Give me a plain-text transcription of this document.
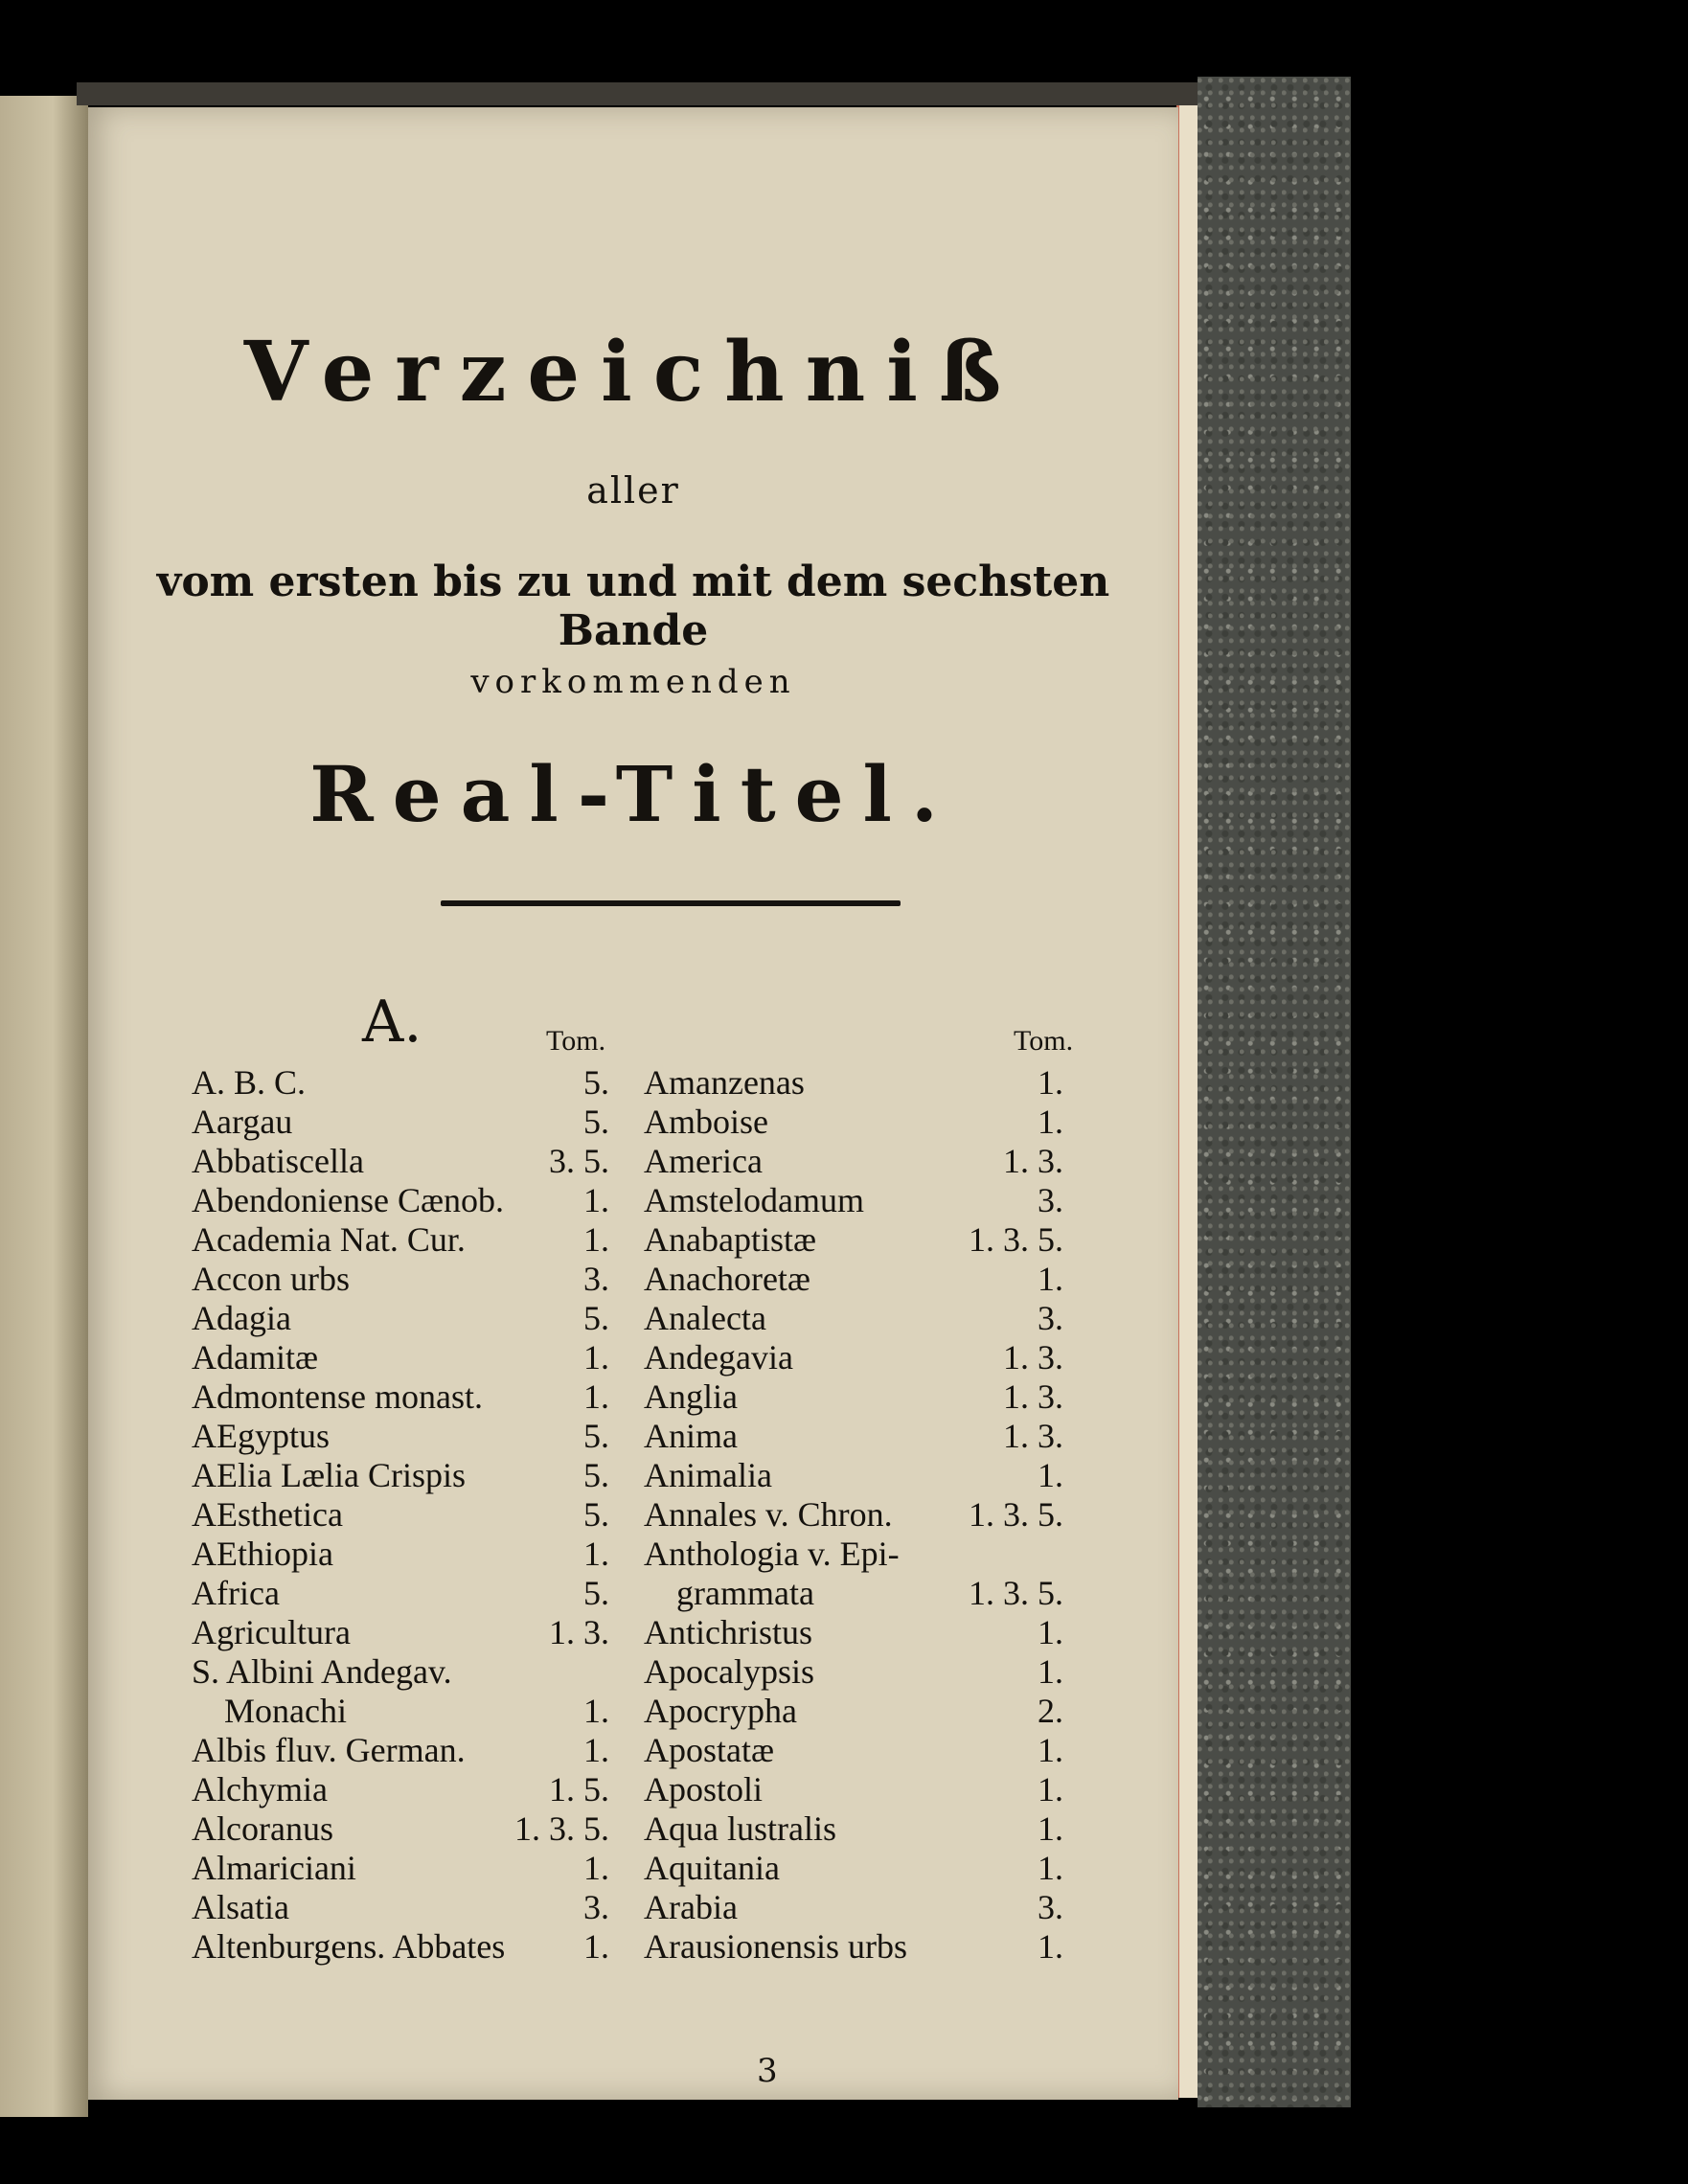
Verzeichniß
aller
vom ersten bis zu und mit dem sechsten Bande
vorkommenden
Real-Titel.
A.	Tom.	Tom.
A. B. C.	5.
Aargau	5.
Abbatiscella	3. 5.
Abendoniense Cænob. 1.
Academia Nat. Cur.	1.
Accon urbs	3.
Adagia	5.
Adamitæ	1.
Admontense monast.	1.
AEgyptus	5.
AElia Lælia Crispis	5.
AEsthetica	5.
AEthiopia	1.
Africa	5.
Agricultura	1. 3.
S. Albini Andegav.
Monachi	1.
Albis fluv. German.	1.
Alchymia	1. 5.
Alcoranus	1. 3. 5.
Almariciani	1.
Alsatia	3.
Altenburgens. Abbates 1.
Amanzenas	1.
Amboise	1.
America	1. 3.
Amstelodamum	3.
Anabaptistæ	1. 3. 5.
Anachoretæ	1.
Analecta	3.
Andegavia	1. 3.
Anglia	1. 3.
Anima	1. 3.
Animalia	1.
Annales v. Chron. 1. 3. 5.
Anthologia v. Epi-
grammata	1. 3. 5.
Antichristus	1.
Apocalypsis	1.
Apocrypha	2.
Apostatæ	1.
Apostoli	1.
Aqua lustralis	1.
Aquitania	1.
Arabia	3.
Arausionensis urbs	1.
3
